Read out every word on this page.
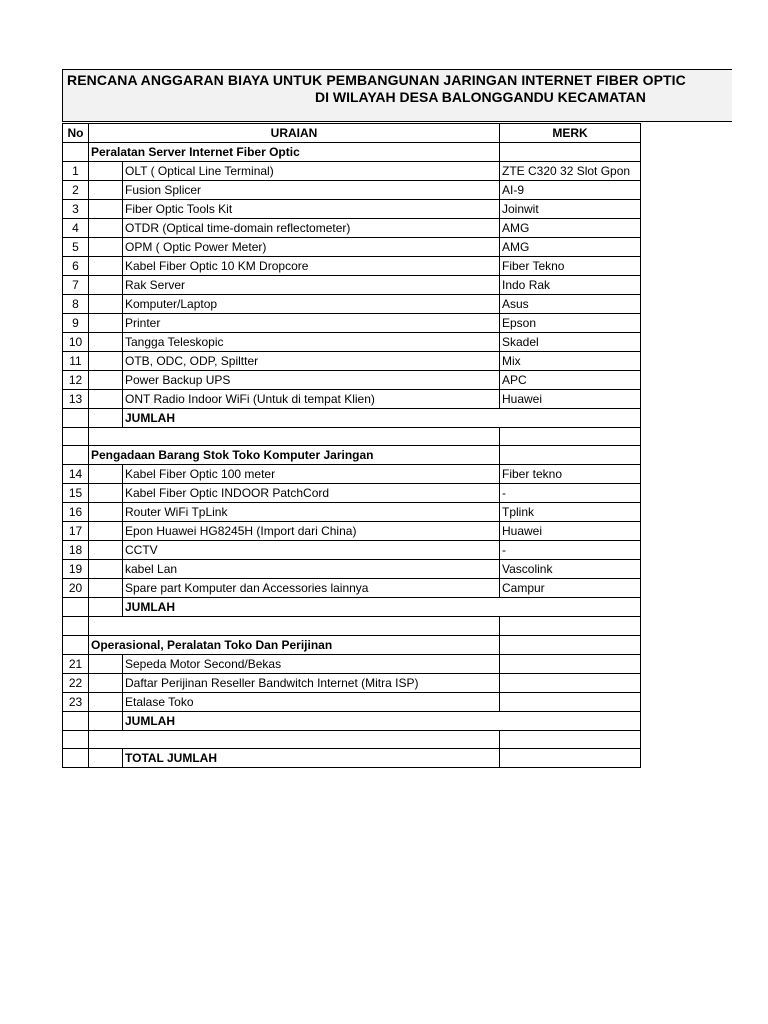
RENCANA ANGGARAN BIAYA UNTUK PEMBANGUNAN JARINGAN INTERNET FIBER OPTIC
DI WILAYAH DESA BALONGGANDU KECAMATAN
No	URAIAN		MERK
	Peralatan Server Internet Fiber Optic		
1		OLT ( Optical Line Terminal)	ZTE C320 32 Slot Gpon
2		Fusion Splicer	AI-9
3		Fiber Optic Tools Kit	Joinwit
4		OTDR (Optical time-domain reflectometer)	AMG
5		OPM ( Optic Power Meter)	AMG
6		Kabel Fiber Optic 10 KM Dropcore	Fiber Tekno
7		Rak Server	Indo Rak
8		Komputer/Laptop	Asus
9		Printer	Epson
10		Tangga Teleskopic	Skadel
11		OTB, ODC, ODP, Spiltter	Mix
12		Power Backup UPS	APC
13		ONT Radio Indoor WiFi (Untuk di tempat Klien)	Huawei
		JUMLAH	

	Pengadaan Barang Stok Toko Komputer Jaringan		
14		Kabel Fiber Optic 100 meter	Fiber tekno
15		Kabel Fiber Optic INDOOR PatchCord	-
16		Router WiFi TpLink	Tplink
17		Epon Huawei HG8245H (Import dari China)	Huawei
18		CCTV	-
19		kabel Lan	Vascolink
20		Spare part Komputer dan Accessories lainnya	Campur
		JUMLAH	

	Operasional, Peralatan Toko Dan Perijinan		
21		Sepeda Motor Second/Bekas	
22		Daftar Perijinan Reseller Bandwitch Internet (Mitra ISP)	
23		Etalase Toko	
		JUMLAH	

		TOTAL JUMLAH	
